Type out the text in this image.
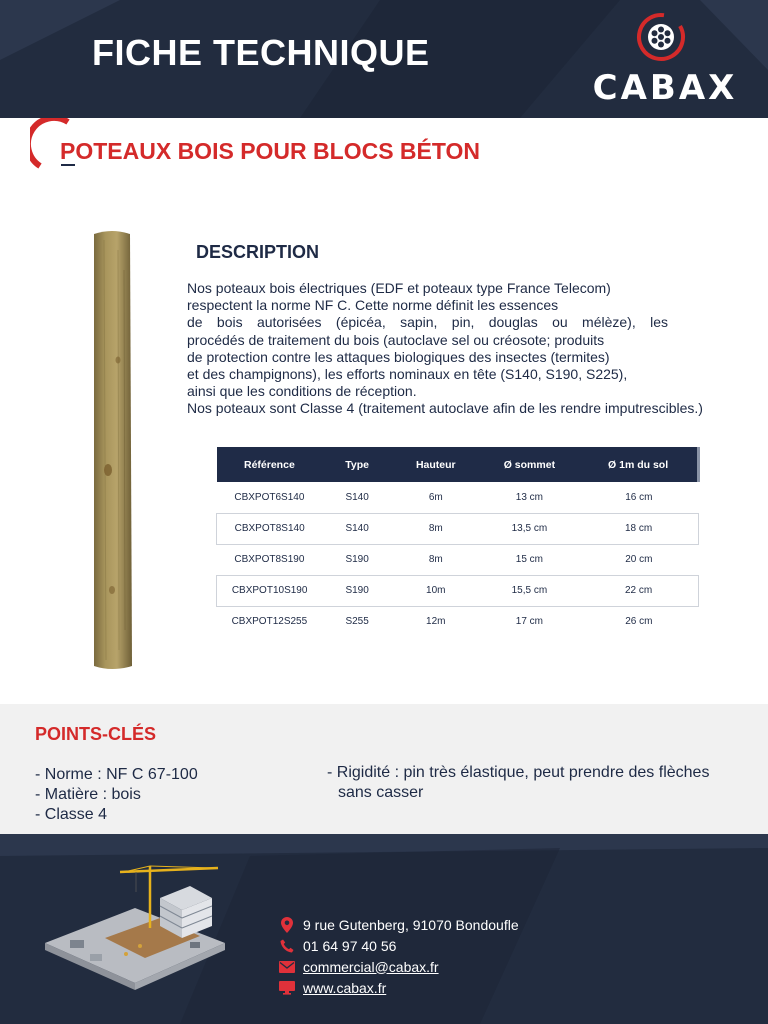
FICHE TECHNIQUE
CABAX
POTEAUX BOIS POUR BLOCS BÉTON
DESCRIPTION

Nos poteaux bois électriques (EDF et poteaux type France Telecom)

respectent la norme NF C. Cette norme définit les essences

de bois autorisées (épicéa, sapin, pin, douglas ou mélèze), les

procédés de traitement du bois (autoclave sel ou créosote; produits

de protection contre les attaques biologiques des insectes (termites)

et des champignons), les efforts nominaux en tête (S140, S190, S225),

ainsi que les conditions de réception.

Nos poteaux sont Classe 4 (traitement autoclave afin de les rendre imputrescibles.)

Référence	Type	Hauteur	Ø sommet	Ø 1m du sol
CBXPOT6S140	S140	6m	13 cm	16 cm
CBXPOT8S140	S140	8m	13,5 cm	18 cm
CBXPOT8S190	S190	8m	15 cm	20 cm
CBXPOT10S190	S190	10m	15,5 cm	22 cm
CBXPOT12S255	S255	12m	17 cm	26 cm
POINTS-CLÉS
- Norme : NF C 67-100
- Matière : bois
- Classe 4
- Rigidité : pin très élastique, peut prendre des flèches sans casser
9 rue Gutenberg, 91070 Bondoufle
01 64 97 40 56
commercial@cabax.fr
www.cabax.fr
